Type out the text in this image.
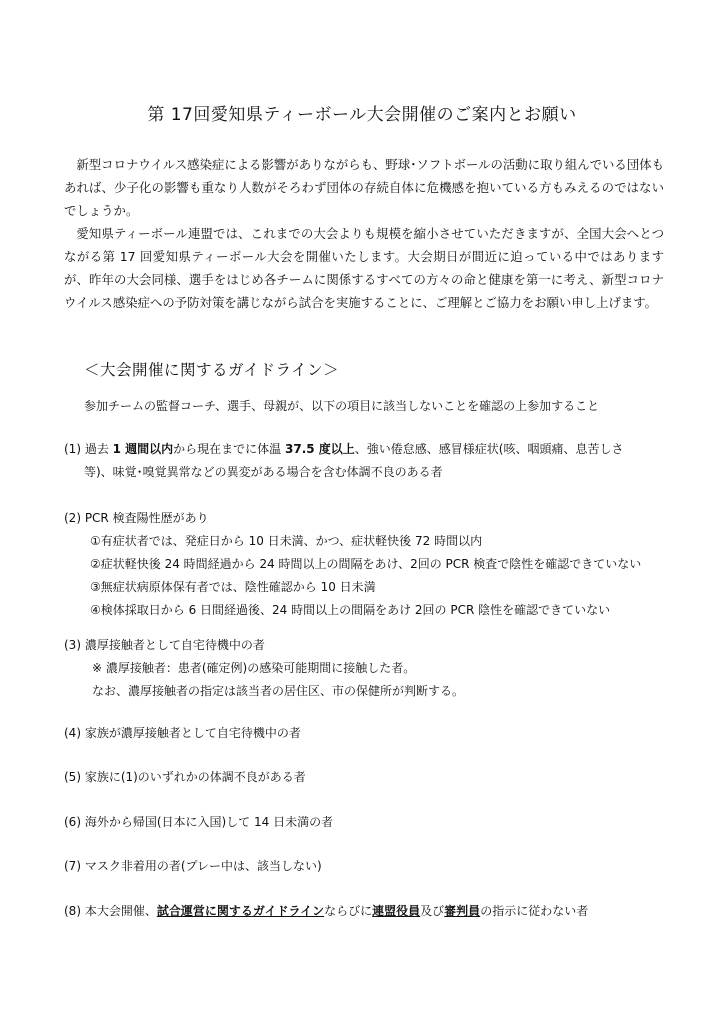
第 17回愛知県ティーボール大会開催のご案内とお願い

新型コロナウイルス感染症による影響がありながらも、野球･ソフトボールの活動に取り組んでいる団体もあれば、少子化の影響も重なり人数がそろわず団体の存続自体に危機感を抱いている方もみえるのではないでしょうか。

愛知県ティーボール連盟では、これまでの大会よりも規模を縮小させていただきますが、全国大会へとつながる第 17 回愛知県ティーボール大会を開催いたします。大会期日が間近に迫っている中ではありますが、昨年の大会同様、選手をはじめ各チームに関係するすべての方々の命と健康を第一に考え、新型コロナウイルス感染症への予防対策を講じながら試合を実施することに、ご理解とご協力をお願い申し上げます。

＜大会開催に関するガイドライン＞
参加チームの監督コーチ、選手、母親が、以下の項目に該当しないことを確認の上参加すること
(1) 過去 1 週間以内から現在までに体温 37.5 度以上、強い倦怠感、感冒様症状(咳、咽頭痛、息苦しさ
等)、味覚･嗅覚異常などの異変がある場合を含む体調不良のある者
(2) PCR 検査陽性歴があり
①有症状者では、発症日から 10 日未満、かつ、症状軽快後 72 時間以内
②症状軽快後 24 時間経過から 24 時間以上の間隔をあけ、2回の PCR 検査で陰性を確認できていない
③無症状病原体保有者では、陰性確認から 10 日未満
④検体採取日から 6 日間経過後、24 時間以上の間隔をあけ 2回の PCR 陰性を確認できていない
(3) 濃厚接触者として自宅待機中の者
※ 濃厚接触者：患者(確定例)の感染可能期間に接触した者。
なお、濃厚接触者の指定は該当者の居住区、市の保健所が判断する。
(4) 家族が濃厚接触者として自宅待機中の者
(5) 家族に(1)のいずれかの体調不良がある者
(6) 海外から帰国(日本に入国)して 14 日未満の者
(7) マスク非着用の者(プレー中は、該当しない)
(8) 本大会開催、試合運営に関するガイドラインならびに連盟役員及び審判員の指示に従わない者
